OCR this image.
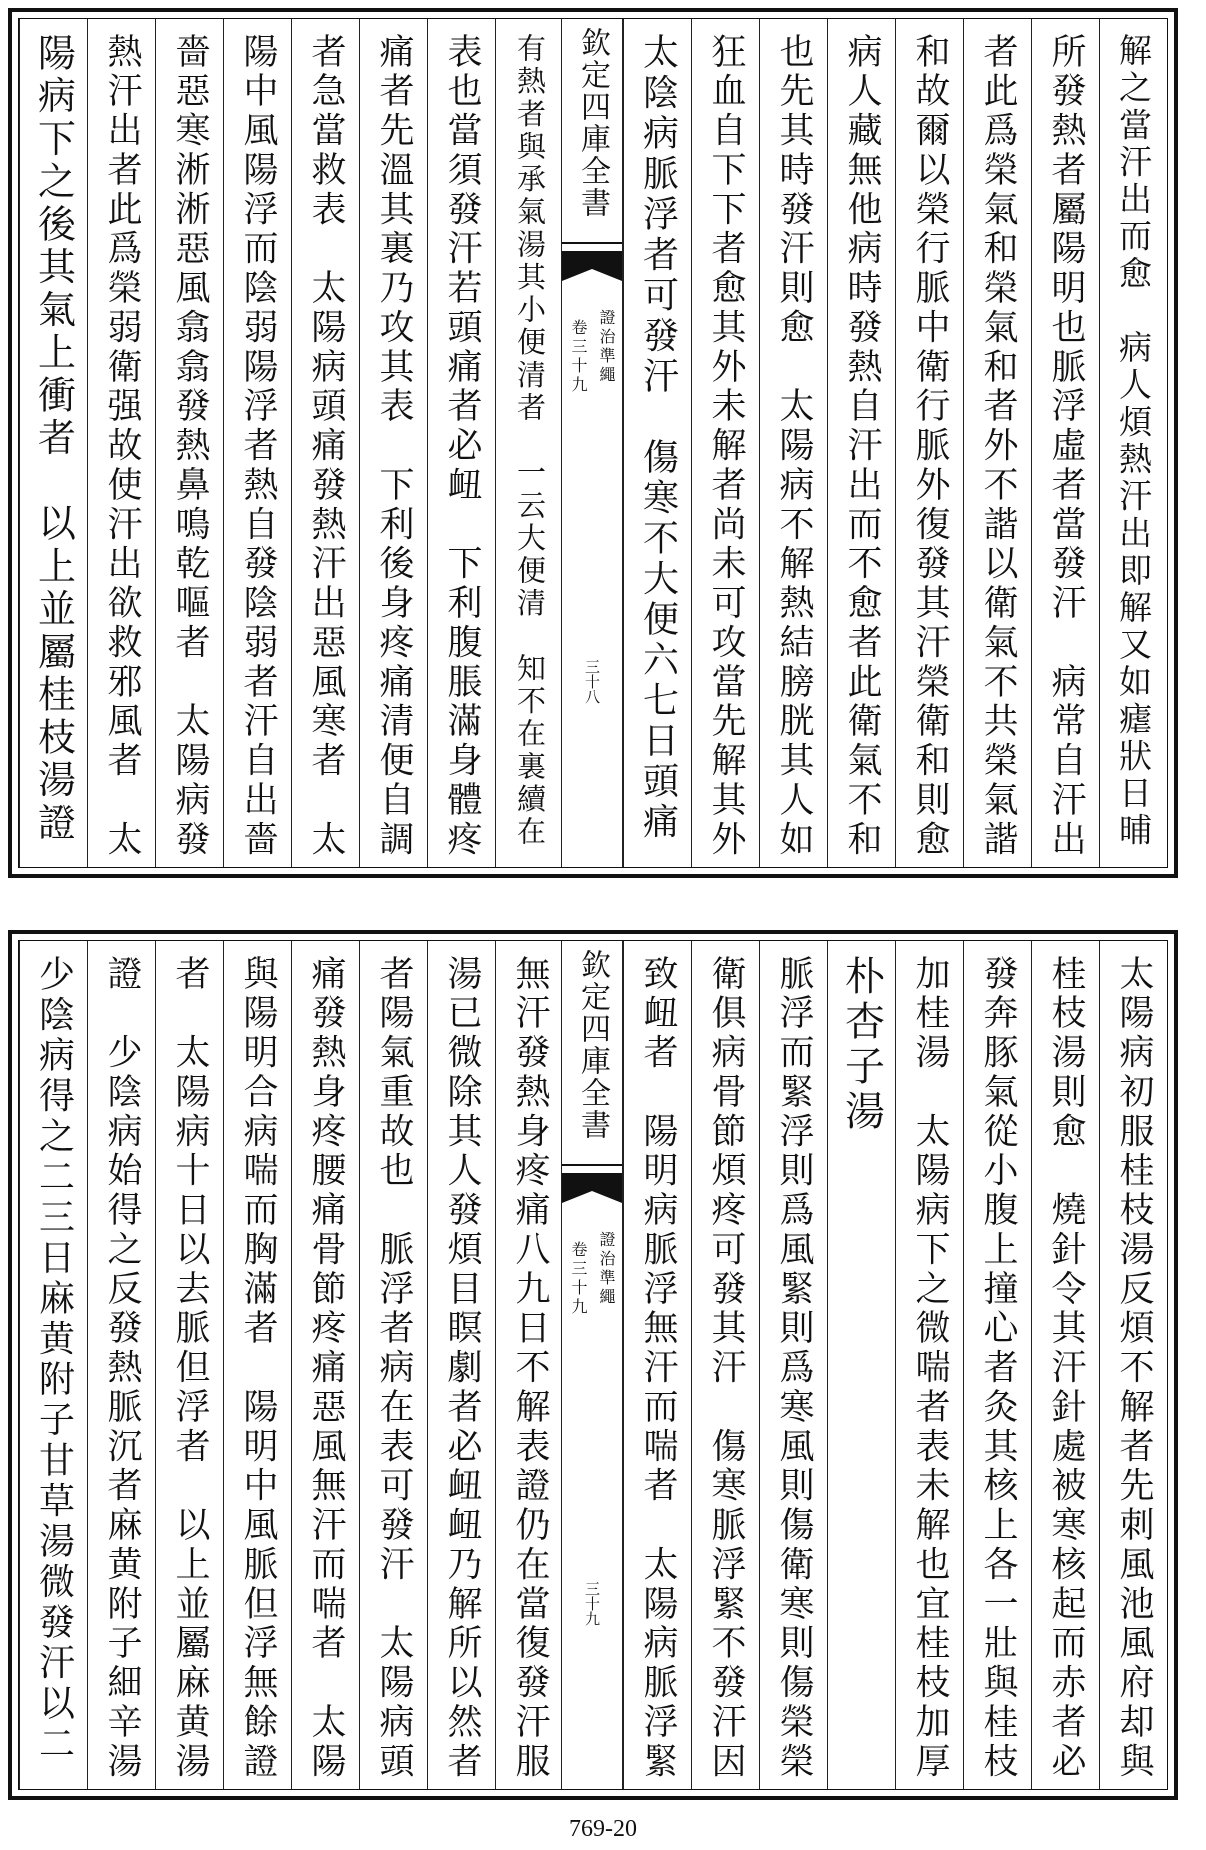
解之當汗出而愈　病人煩熱汗出即解又如瘧狀日晡
所發熱者屬陽明也脈浮虛者當發汗　病常自汗出
者此爲榮氣和榮氣和者外不諧以衛氣不共榮氣諧
和故爾以榮行脈中衛行脈外復發其汗榮衛和則愈
病人藏無他病時發熱自汗出而不愈者此衛氣不和
也先其時發汗則愈　太陽病不解熱結膀胱其人如
狂血自下下者愈其外未解者尚未可攻當先解其外
太陰病脈浮者可發汗　傷寒不大便六七日頭痛
欽定四庫全書
證治準繩
卷三十九
三十八
有熱者與承氣湯其小便清者　一云大便清　知不在裏續在
表也當須發汗若頭痛者必衄　下利腹脹滿身體疼
痛者先溫其裏乃攻其表　下利後身疼痛清便自調
者急當救表　太陽病頭痛發熱汗出惡風寒者　太
陽中風陽浮而陰弱陽浮者熱自發陰弱者汗自出嗇
嗇惡寒淅淅惡風翕翕發熱鼻鳴乾嘔者　太陽病發
熱汗出者此爲榮弱衛强故使汗出欲救邪風者　太
陽病下之後其氣上衝者　以上並屬桂枝湯證
太陽病初服桂枝湯反煩不解者先刺風池風府却與
桂枝湯則愈　燒針令其汗針處被寒核起而赤者必
發奔豚氣從小腹上撞心者灸其核上各一壯與桂枝
加桂湯　太陽病下之微喘者表未解也宜桂枝加厚
朴杏子湯
脈浮而緊浮則爲風緊則爲寒風則傷衛寒則傷榮榮
衛俱病骨節煩疼可發其汗　傷寒脈浮緊不發汗因
致衄者　陽明病脈浮無汗而喘者　太陽病脈浮緊
欽定四庫全書
證治準繩
卷三十九
三十九
無汗發熱身疼痛八九日不解表證仍在當復發汗服
湯已微除其人發煩目瞑劇者必衄衄乃解所以然者
者陽氣重故也　脈浮者病在表可發汗　太陽病頭
痛發熱身疼腰痛骨節疼痛惡風無汗而喘者　太陽
與陽明合病喘而胸滿者　陽明中風脈但浮無餘證
者　太陽病十日以去脈但浮者　以上並屬麻黄湯
證　少陰病始得之反發熱脈沉者麻黄附子細辛湯
少陰病得之二三日麻黄附子甘草湯微發汗以二
769-20
